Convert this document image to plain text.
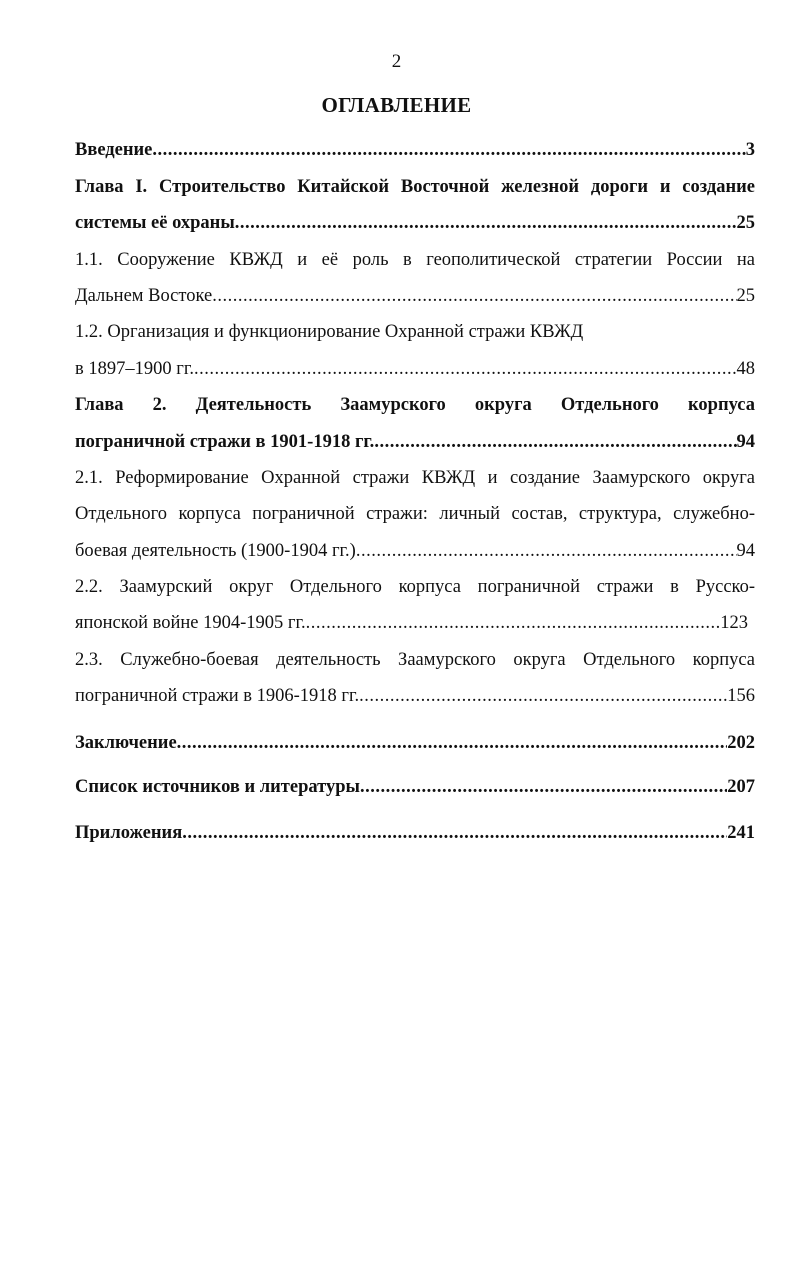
2
ОГЛАВЛЕНИЕ
Введение .....	3
Глава I. Строительство Китайской Восточной железной дороги и создание
системы её охраны .....	25
1.1. Сооружение КВЖД и её роль в геополитической стратегии России на
Дальнем Востоке .....	25
1.2. Организация и функционирование Охранной стражи КВЖД
в 1897–1900 гг. .....	48
Глава 2. Деятельность Заамурского округа Отдельного корпуса
пограничной стражи в 1901-1918 гг. .....	94
2.1. Реформирование Охранной стражи КВЖД и создание Заамурского округа
Отдельного корпуса пограничной стражи: личный состав, структура, служебно-
боевая деятельность (1900-1904 гг.) .....	94
2.2. Заамурский округ Отдельного корпуса пограничной стражи в Русско-
японской войне 1904-1905 гг. .....	123
2.3. Служебно-боевая деятельность Заамурского округа Отдельного корпуса
пограничной стражи в 1906-1918 гг. .....	156
Заключение .....	202
Список источников и литературы .....	207
Приложения .....	241
